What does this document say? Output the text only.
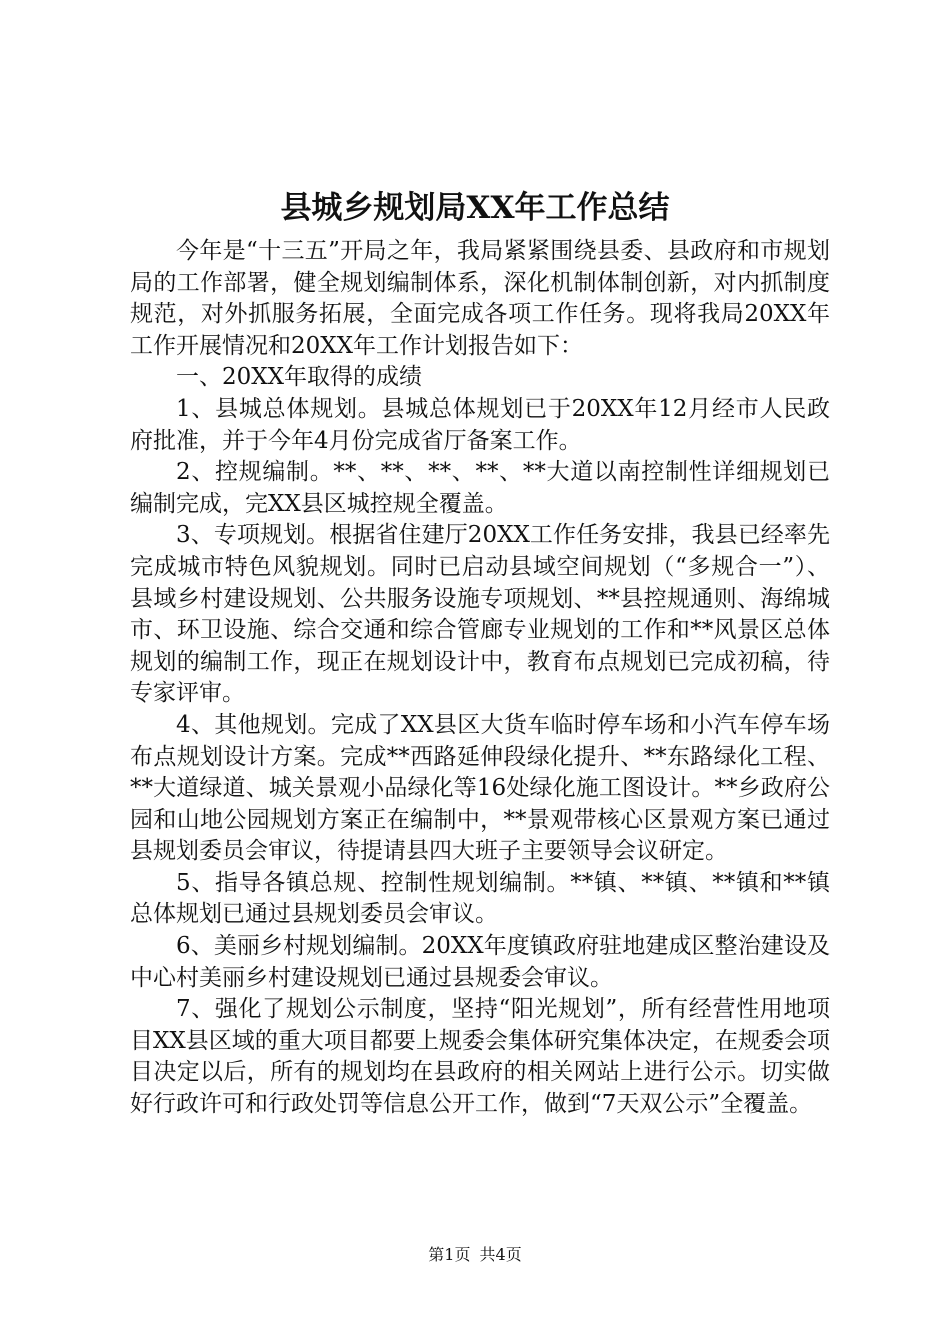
县城乡规划局XX年工作总结

今年是“十三五”开局之年，我局紧紧围绕县委、县政府和市规划局的工作部署，健全规划编制体系，深化机制体制创新，对内抓制度规范，对外抓服务拓展，全面完成各项工作任务。现将我局20XX年工作开展情况和20XX年工作计划报告如下：

一、20XX年取得的成绩

1、县城总体规划。县城总体规划已于20XX年12月经市人民政府批准，并于今年4月份完成省厅备案工作。

2、控规编制。**、**、**、**、**大道以南控制性详细规划已编制完成，完XX县区城控规全覆盖。

3、专项规划。根据省住建厅20XX工作任务安排，我县已经率先完成城市特色风貌规划。同时已启动县域空间规划（“多规合一”）、县域乡村建设规划、公共服务设施专项规划、**县控规通则、海绵城市、环卫设施、综合交通和综合管廊专业规划的工作和**风景区总体规划的编制工作，现正在规划设计中，教育布点规划已完成初稿，待专家评审。

4、其他规划。完成了XX县区大货车临时停车场和小汽车停车场布点规划设计方案。完成**西路延伸段绿化提升、**东路绿化工程、**大道绿道、城关景观小品绿化等16处绿化施工图设计。**乡政府公园和山地公园规划方案正在编制中，**景观带核心区景观方案已通过县规划委员会审议，待提请县四大班子主要领导会议研定。

5、指导各镇总规、控制性规划编制。**镇、**镇、**镇和**镇总体规划已通过县规划委员会审议。

6、美丽乡村规划编制。20XX年度镇政府驻地建成区整治建设及中心村美丽乡村建设规划已通过县规委会审议。

7、强化了规划公示制度，坚持“阳光规划”，所有经营性用地项目XX县区域的重大项目都要上规委会集体研究集体决定，在规委会项目决定以后，所有的规划均在县政府的相关网站上进行公示。切实做好行政许可和行政处罚等信息公开工作，做到“7天双公示”全覆盖。

第1页 共4页
